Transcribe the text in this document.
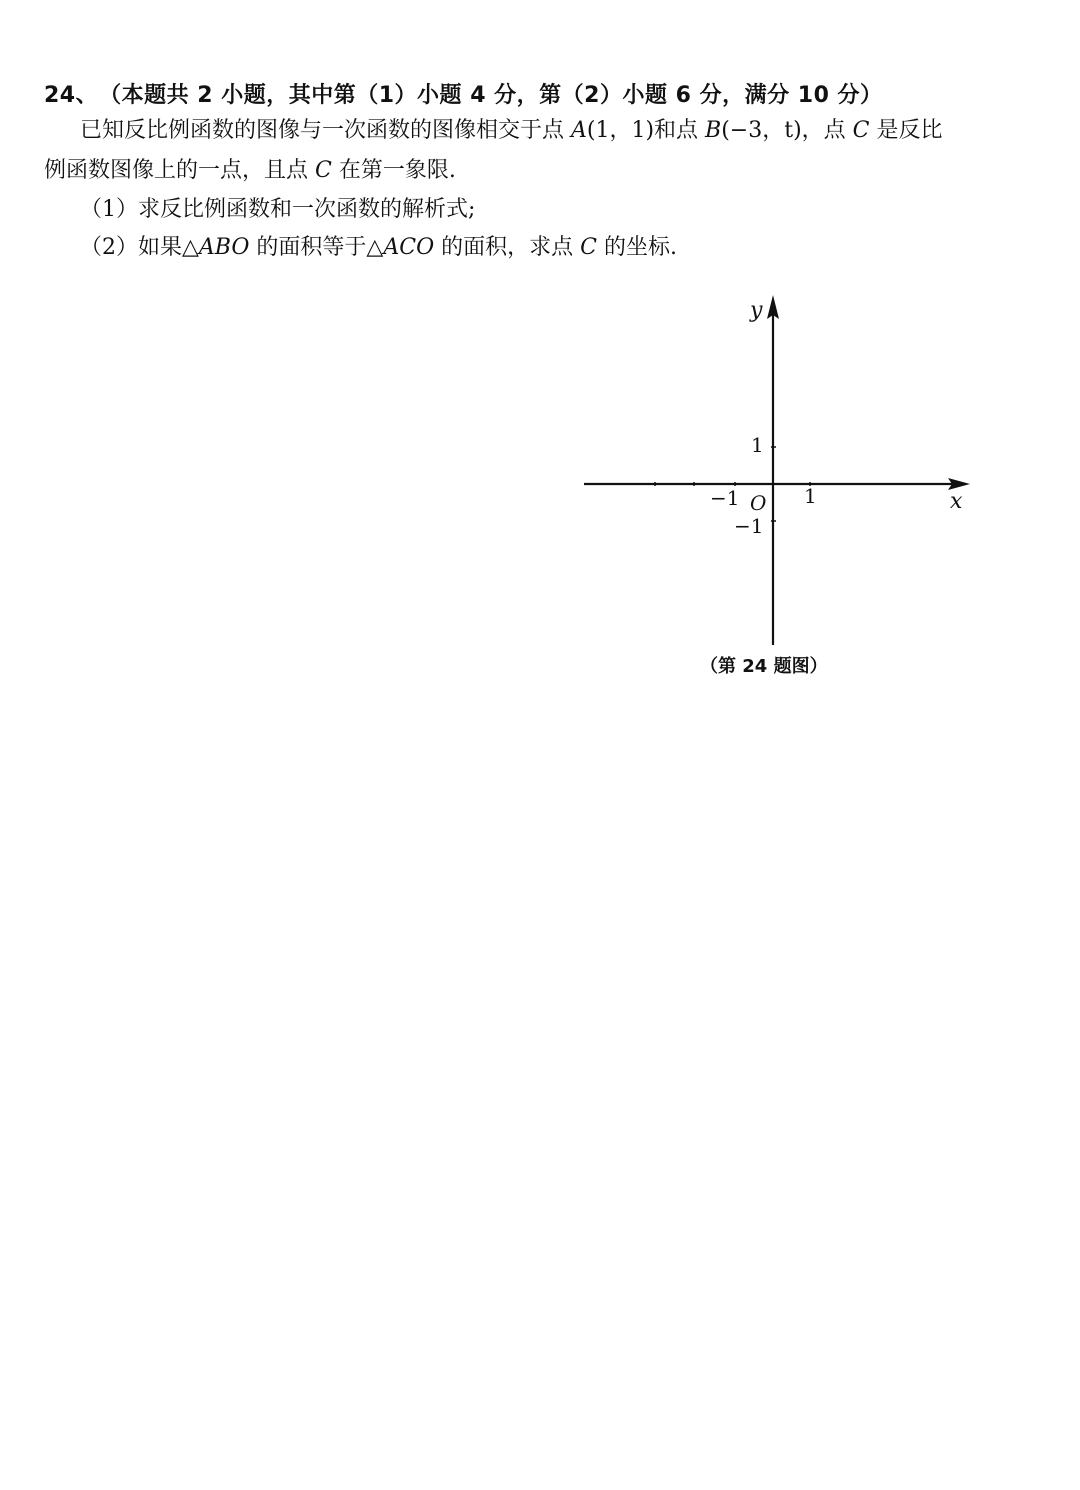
24、 （本题共 2 小题，其中第（1）小题 4 分，第（2）小题 6 分，满分 10 分）
已知反比例函数的图像与一次函数的图像相交于点 A(1，1)和点 B(−3，t)，点 C 是反比
例函数图像上的一点，且点 C 在第一象限.
（1）求反比例函数和一次函数的解析式;
（2）如果△ABO 的面积等于△ACO 的面积，求点 C 的坐标.
y
x
O
−1	1
1
−1
（第 24 题图）
